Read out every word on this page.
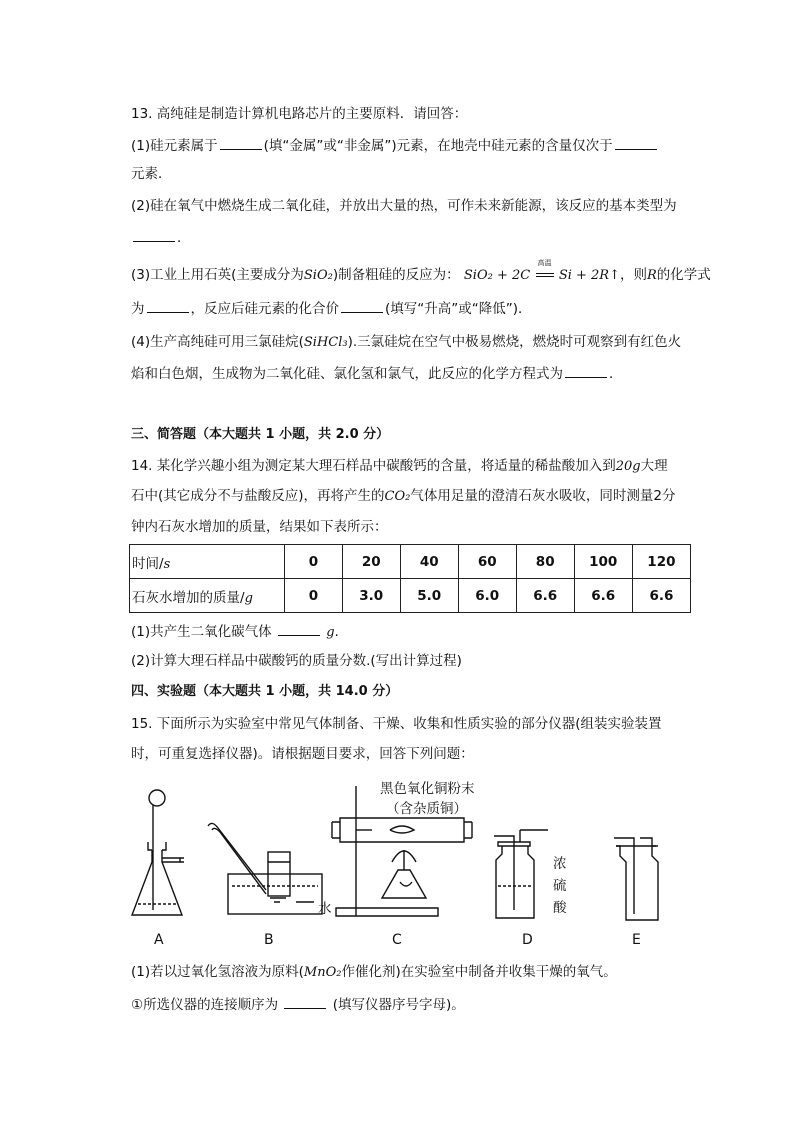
13. 高纯硅是制造计算机电路芯片的主要原料．请回答：
(1)硅元素属于	(填“金属”或“非金属”)元素，在地壳中硅元素的含量仅次于
元素．
(2)硅在氧气中燃烧生成二氧化硅，并放出大量的热，可作未来新能源，该反应的基本类型为
．
(3)工业上用石英(主要成分为SiO₂)制备粗硅的反应为： SiO₂ + 2C
高温
Si + 2R↑，则R的化学式
为	，反应后硅元素的化合价	(填写“升高”或“降低”)．
(4)生产高纯硅可用三氯硅烷(SiHCl₃).三氯硅烷在空气中极易燃烧，燃烧时可观察到有红色火
焰和白色烟，生成物为二氧化硅、氯化氢和氯气，此反应的化学方程式为	．
三、简答题（本大题共 1 小题，共 2.0 分）
14. 某化学兴趣小组为测定某大理石样品中碳酸钙的含量，将适量的稀盐酸加入到20g大理
石中(其它成分不与盐酸反应)，再将产生的CO₂气体用足量的澄清石灰水吸收，同时测量2分
钟内石灰水增加的质量，结果如下表所示：
时间/s	0	20	40	60	80	100	120
石灰水增加的质量/g	0	3.0	5.0	6.0	6.6	6.6	6.6
(1)共产生二氧化碳气体	g.
(2)计算大理石样品中碳酸钙的质量分数.(写出计算过程)
四、实验题（本大题共 1 小题，共 14.0 分）
15. 下面所示为实验室中常见气体制备、干燥、收集和性质实验的部分仪器(组装实验装置
时，可重复选择仪器)。请根据题目要求，回答下列问题：
黑色氧化铜粉末
（含杂质铜）
水
浓
硫
酸
A	B	C	D	E
(1)若以过氧化氢溶液为原料(MnO₂作催化剂)在实验室中制备并收集干燥的氧气。
①所选仪器的连接顺序为	(填写仪器序号字母)。
